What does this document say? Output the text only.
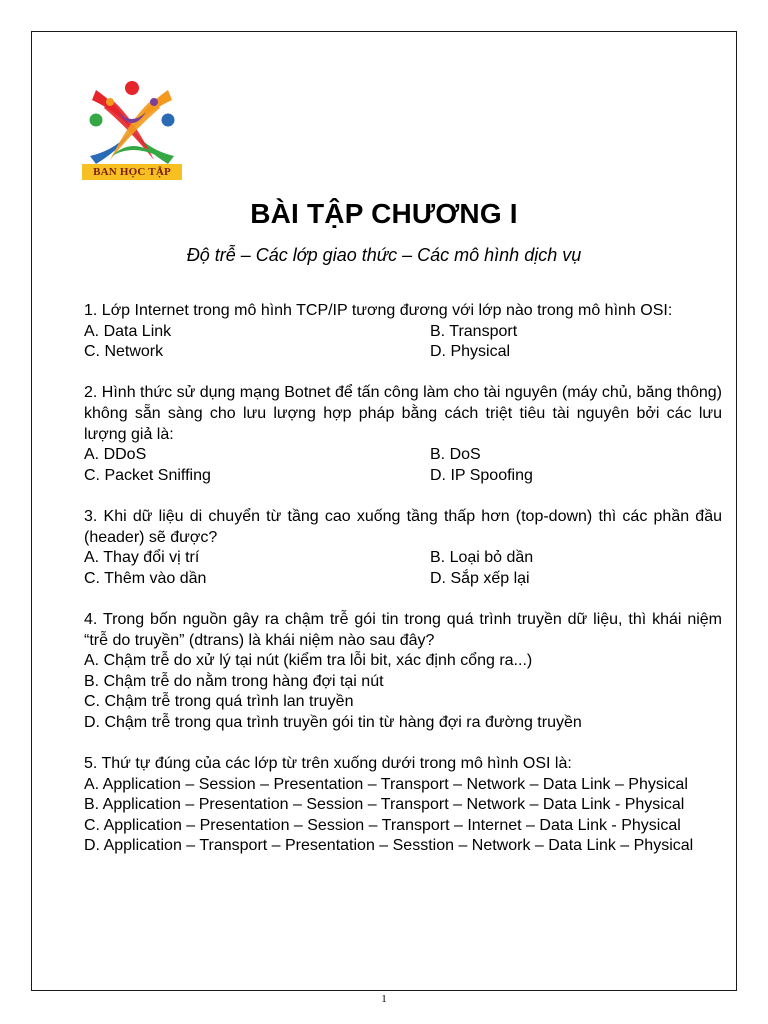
BAN HỌC TẬP
BÀI TẬP CHƯƠNG I
Độ trễ – Các lớp giao thức – Các mô hình dịch vụ
1. Lớp Internet trong mô hình TCP/IP tương đương với lớp nào trong mô hình OSI:
A. Data Link	B. Transport
C. Network	D. Physical
2. Hình thức sử dụng mạng Botnet để tấn công làm cho tài nguyên (máy chủ, băng thông) không sẵn sàng cho lưu lượng hợp pháp bằng cách triệt tiêu tài nguyên bởi các lưu lượng giả là:
A. DDoS	B. DoS
C. Packet Sniffing	D. IP Spoofing
3. Khi dữ liệu di chuyển từ tầng cao xuống tầng thấp hơn (top-down) thì các phần đầu (header) sẽ được?
A. Thay đổi vị trí	B. Loại bỏ dần
C. Thêm vào dần	D. Sắp xếp lại
4. Trong bốn nguồn gây ra chậm trễ gói tin trong quá trình truyền dữ liệu, thì khái niệm “trễ do truyền” (dtrans) là khái niệm nào sau đây?
A. Chậm trễ do xử lý tại nút (kiểm tra lỗi bit, xác định cổng ra...)
B. Chậm trễ do nằm trong hàng đợi tại nút
C. Chậm trễ trong quá trình lan truyền
D. Chậm trễ trong qua trình truyền gói tin từ hàng đợi ra đường truyền
5. Thứ tự đúng của các lớp từ trên xuống dưới trong mô hình OSI là:
A. Application – Session – Presentation – Transport – Network – Data Link – Physical
B. Application – Presentation – Session – Transport – Network – Data Link - Physical
C. Application – Presentation – Session – Transport – Internet – Data Link - Physical
D. Application – Transport – Presentation – Sesstion – Network – Data Link – Physical
1
